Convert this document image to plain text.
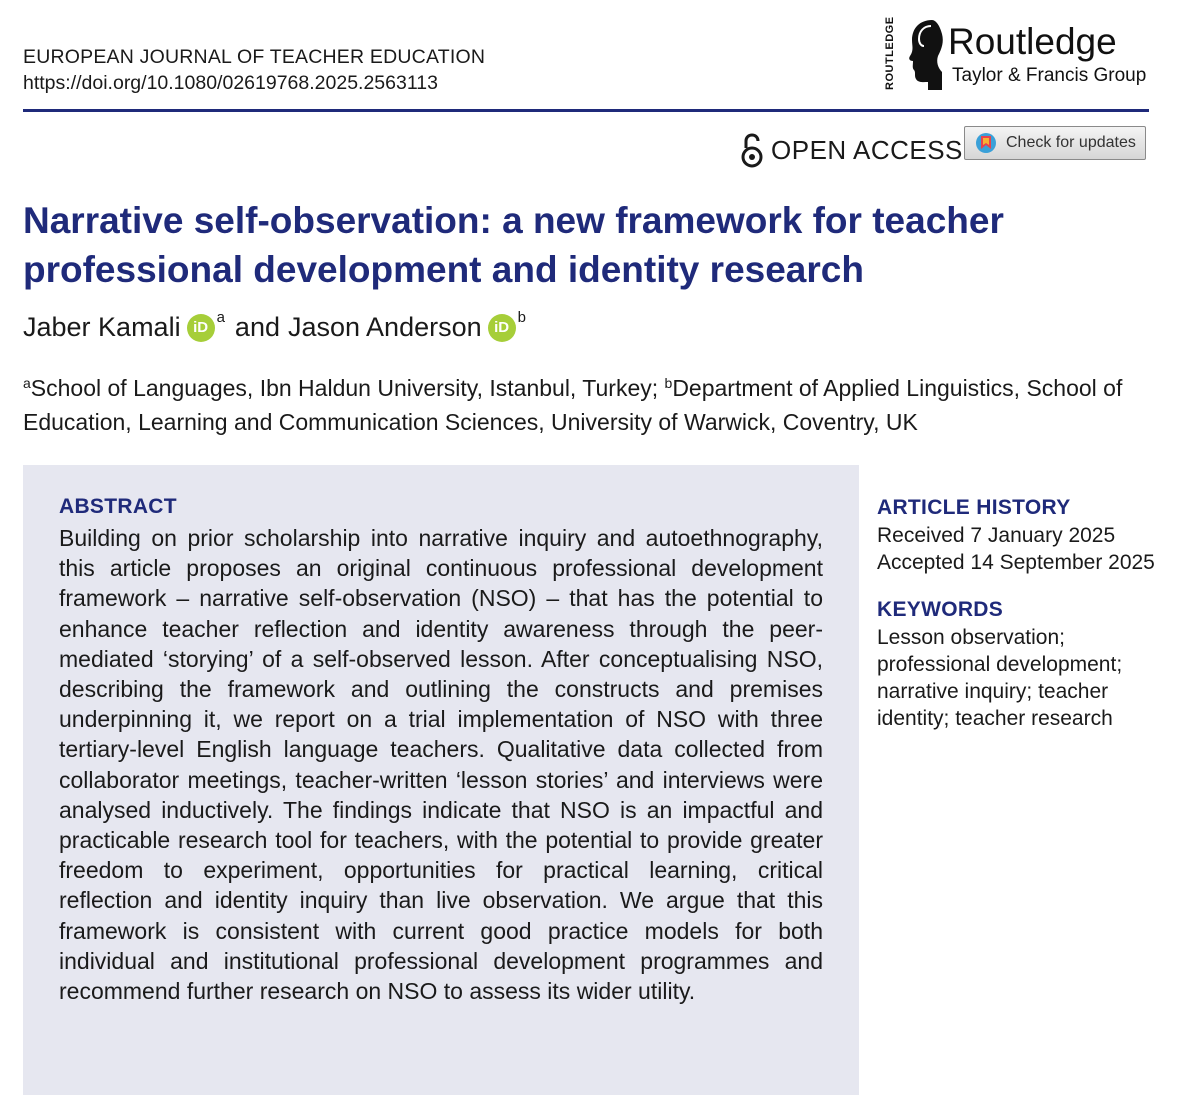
EUROPEAN JOURNAL OF TEACHER EDUCATION
https://doi.org/10.1080/02619768.2025.2563113	ROUTLEDGE Routledge
Taylor & Francis Group
OPEN ACCESS	Check for updates
Narrative self-observation: a new framework for teacher professional development and identity research
Jaber Kamali iD
a and Jason Anderson iD
b
$^a$School of Languages, Ibn Haldun University, Istanbul, Turkey; $^b$Department of Applied Linguistics, School of Education, Learning and Communication Sciences, University of Warwick, Coventry, UK
ABSTRACT
Building on prior scholarship into narrative inquiry and autoethnography, this article proposes an original continuous professional development framework – narrative self-observation (NSO) – that has the potential to enhance teacher reflection and identity awareness through the peer-mediated ‘storying’ of a self-observed lesson. After conceptualising NSO, describing the framework and outlining the constructs and premises underpinning it, we report on a trial implementation of NSO with three tertiary-level English language teachers. Qualitative data collected from collaborator meetings, teacher-written ‘lesson stories’ and interviews were analysed inductively. The findings indicate that NSO is an impactful and practicable research tool for teachers, with the potential to provide greater freedom to experiment, opportunities for practical learning, critical reflection and identity inquiry than live observation. We argue that this framework is consistent with current good practice models for both individual and institutional professional development programmes and recommend further research on NSO to assess its wider utility.
ARTICLE HISTORY
Received 7 January 2025
Accepted 14 September 2025
KEYWORDS
Lesson observation; professional development; narrative inquiry; teacher identity; teacher research
